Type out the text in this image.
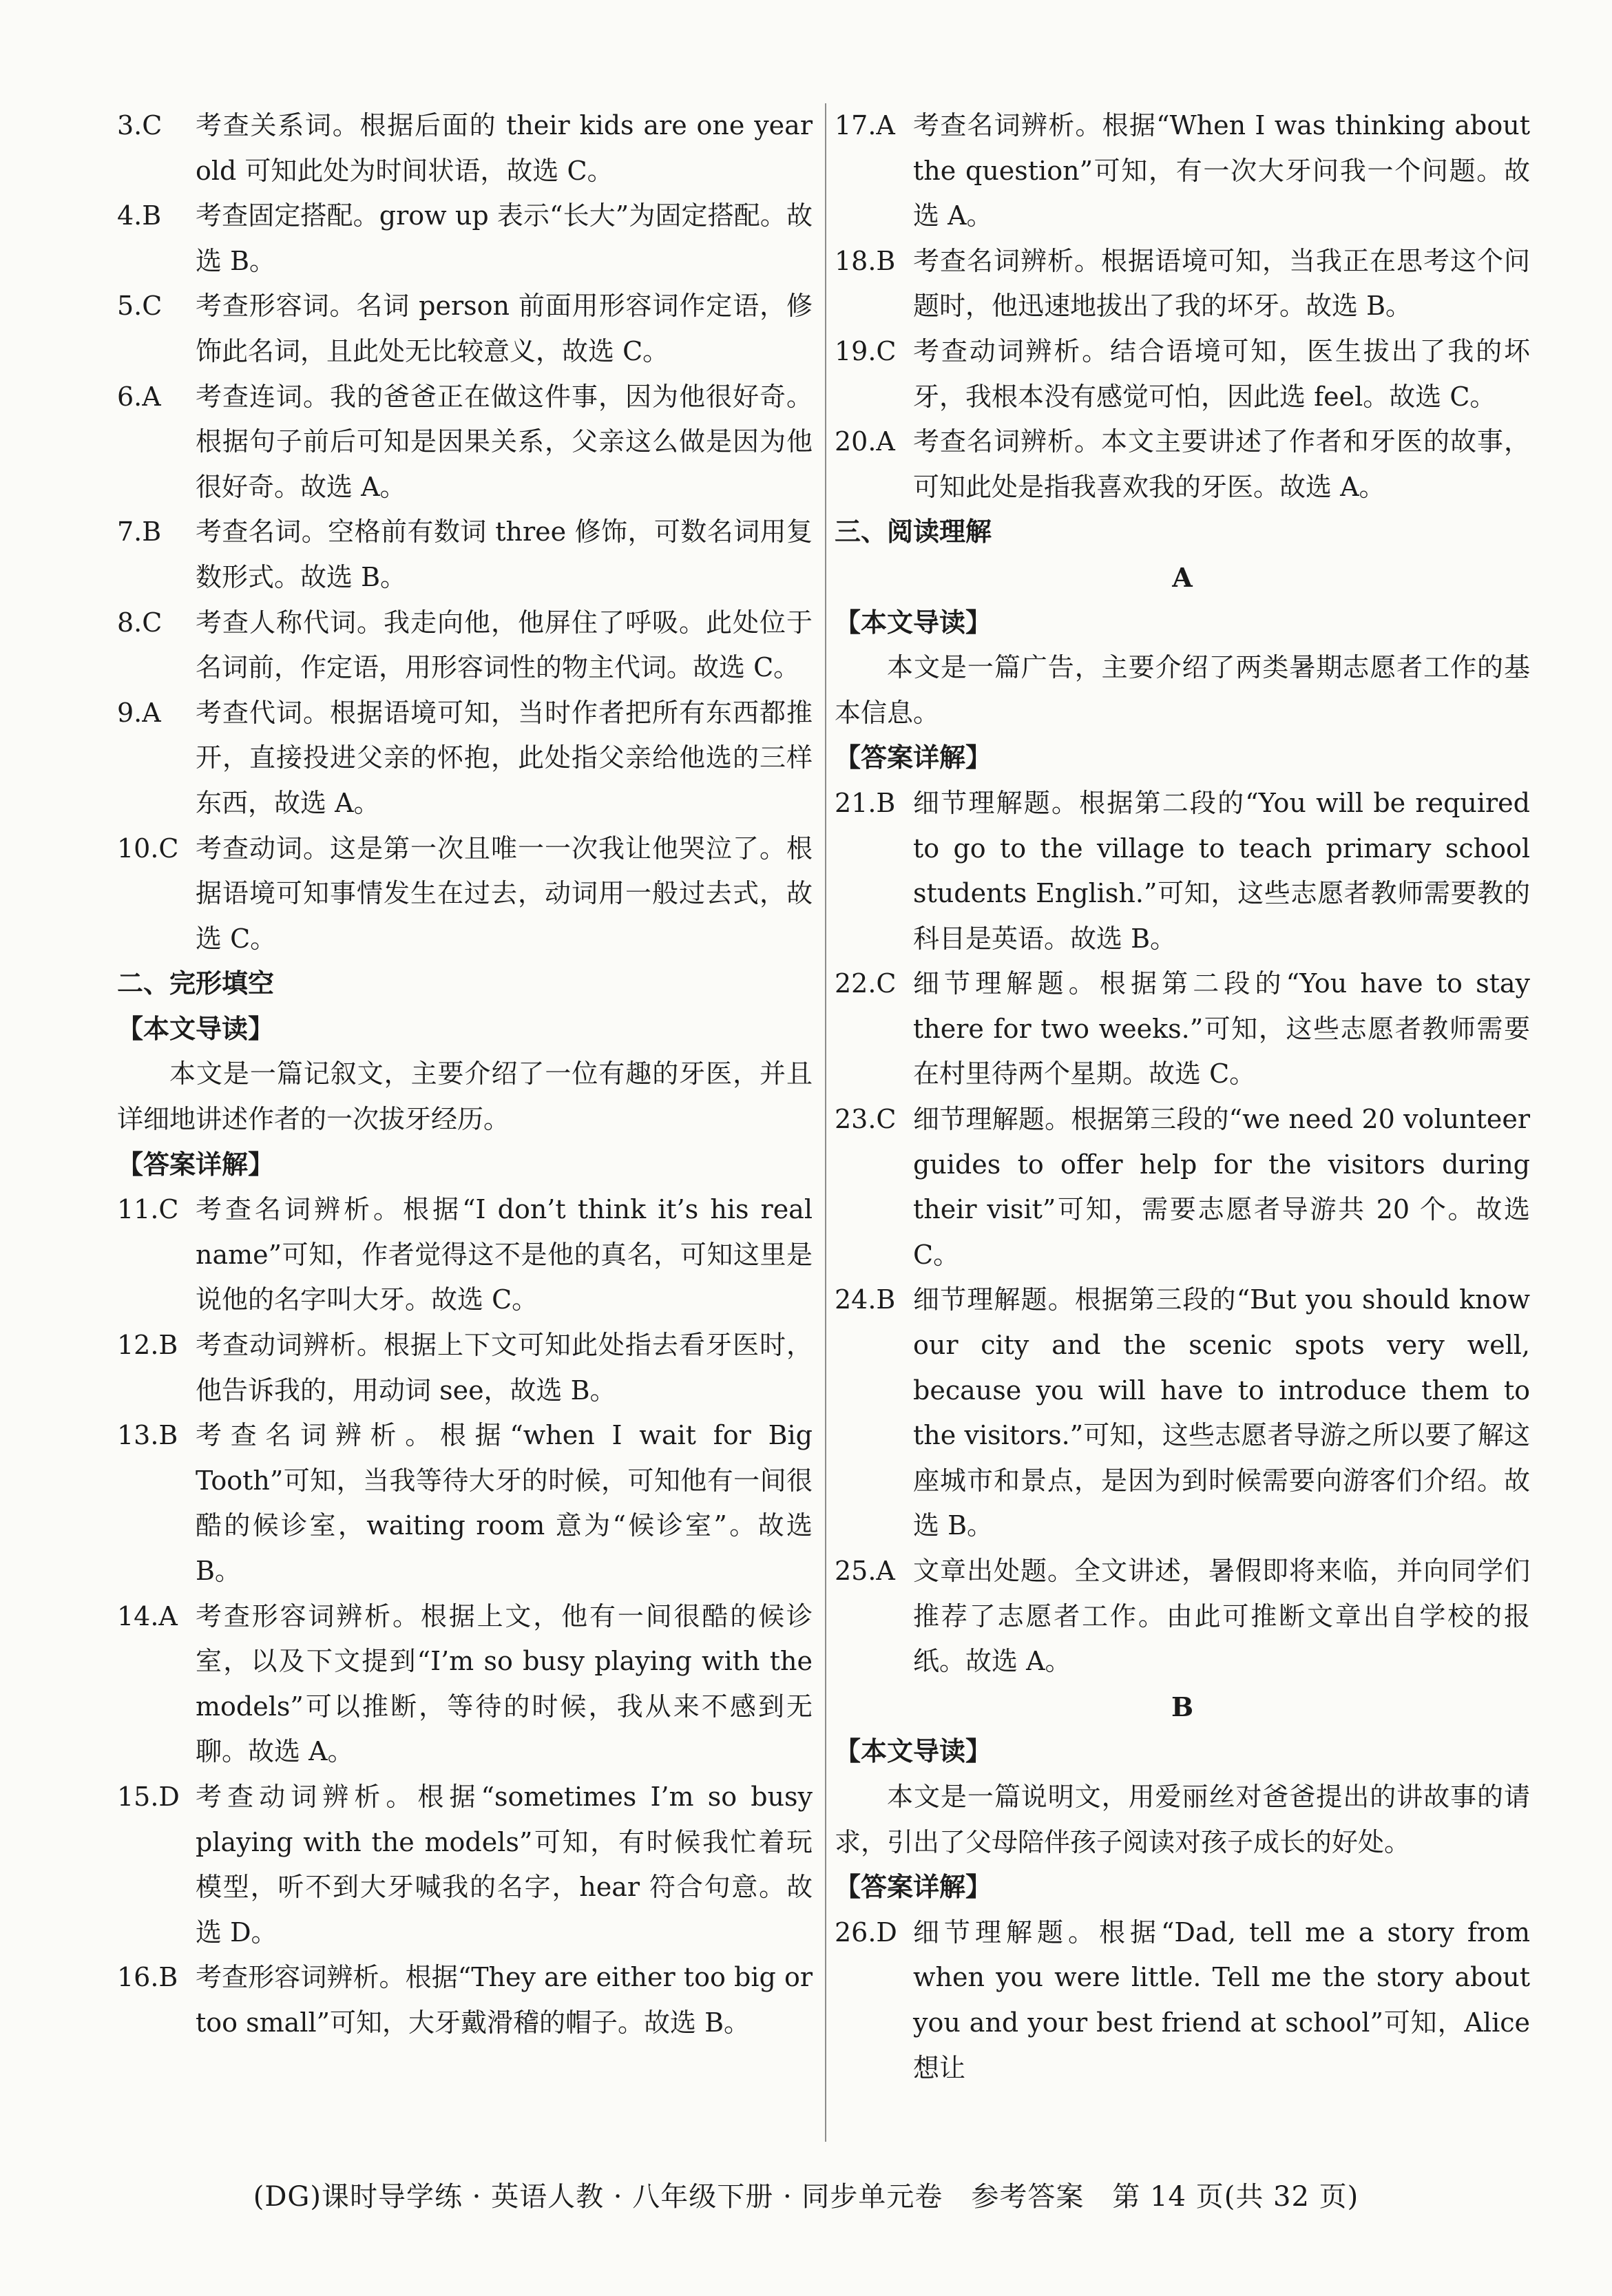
3.C 考查关系词。根据后面的 their kids are one year old 可知此处为时间状语，故选 C。
4.B 考查固定搭配。grow up 表示“长大”为固定搭配。故选 B。
5.C 考查形容词。名词 person 前面用形容词作定语，修饰此名词，且此处无比较意义，故选 C。
6.A 考查连词。我的爸爸正在做这件事，因为他很好奇。根据句子前后可知是因果关系，父亲这么做是因为他很好奇。故选 A。
7.B 考查名词。空格前有数词 three 修饰，可数名词用复数形式。故选 B。
8.C 考查人称代词。我走向他，他屏住了呼吸。此处位于名词前，作定语，用形容词性的物主代词。故选 C。
9.A 考查代词。根据语境可知，当时作者把所有东西都推开，直接投进父亲的怀抱，此处指父亲给他选的三样东西，故选 A。
10.C 考查动词。这是第一次且唯一一次我让他哭泣了。根据语境可知事情发生在过去，动词用一般过去式，故选 C。
二、完形填空
【本文导读】
本文是一篇记叙文，主要介绍了一位有趣的牙医，并且详细地讲述作者的一次拔牙经历。
【答案详解】
11.C 考查名词辨析。根据“I don’t think it’s his real name”可知，作者觉得这不是他的真名，可知这里是说他的名字叫大牙。故选 C。
12.B 考查动词辨析。根据上下文可知此处指去看牙医时，他告诉我的，用动词 see，故选 B。
13.B 考查名词辨析。根据“when I wait for Big Tooth”可知，当我等待大牙的时候，可知他有一间很酷的候诊室，waiting room 意为“候诊室”。故选 B。
14.A 考查形容词辨析。根据上文，他有一间很酷的候诊室，以及下文提到“I’m so busy playing with the models”可以推断，等待的时候，我从来不感到无聊。故选 A。
15.D 考查动词辨析。根据“sometimes I’m so busy playing with the models”可知，有时候我忙着玩模型，听不到大牙喊我的名字，hear 符合句意。故选 D。
16.B 考查形容词辨析。根据“They are either too big or too small”可知，大牙戴滑稽的帽子。故选 B。
17.A 考查名词辨析。根据“When I was thinking about the question”可知，有一次大牙问我一个问题。故选 A。
18.B 考查名词辨析。根据语境可知，当我正在思考这个问题时，他迅速地拔出了我的坏牙。故选 B。
19.C 考查动词辨析。结合语境可知，医生拔出了我的坏牙，我根本没有感觉可怕，因此选 feel。故选 C。
20.A 考查名词辨析。本文主要讲述了作者和牙医的故事，可知此处是指我喜欢我的牙医。故选 A。
三、阅读理解
A
【本文导读】
本文是一篇广告，主要介绍了两类暑期志愿者工作的基本信息。
【答案详解】
21.B 细节理解题。根据第二段的“You will be required to go to the village to teach primary school students English.”可知，这些志愿者教师需要教的科目是英语。故选 B。
22.C 细节理解题。根据第二段的“You have to stay there for two weeks.”可知，这些志愿者教师需要在村里待两个星期。故选 C。
23.C 细节理解题。根据第三段的“we need 20 volunteer guides to offer help for the visitors during their visit”可知，需要志愿者导游共 20 个。故选 C。
24.B 细节理解题。根据第三段的“But you should know our city and the scenic spots very well, because you will have to introduce them to the visitors.”可知，这些志愿者导游之所以要了解这座城市和景点，是因为到时候需要向游客们介绍。故选 B。
25.A 文章出处题。全文讲述，暑假即将来临，并向同学们推荐了志愿者工作。由此可推断文章出自学校的报纸。故选 A。
B
【本文导读】
本文是一篇说明文，用爱丽丝对爸爸提出的讲故事的请求，引出了父母陪伴孩子阅读对孩子成长的好处。
【答案详解】
26.D 细节理解题。根据“Dad, tell me a story from when you were little. Tell me the story about you and your best friend at school”可知，Alice 想让
(DG)课时导学练 · 英语人教 · 八年级下册 · 同步单元卷　参考答案　第 14 页(共 32 页)
